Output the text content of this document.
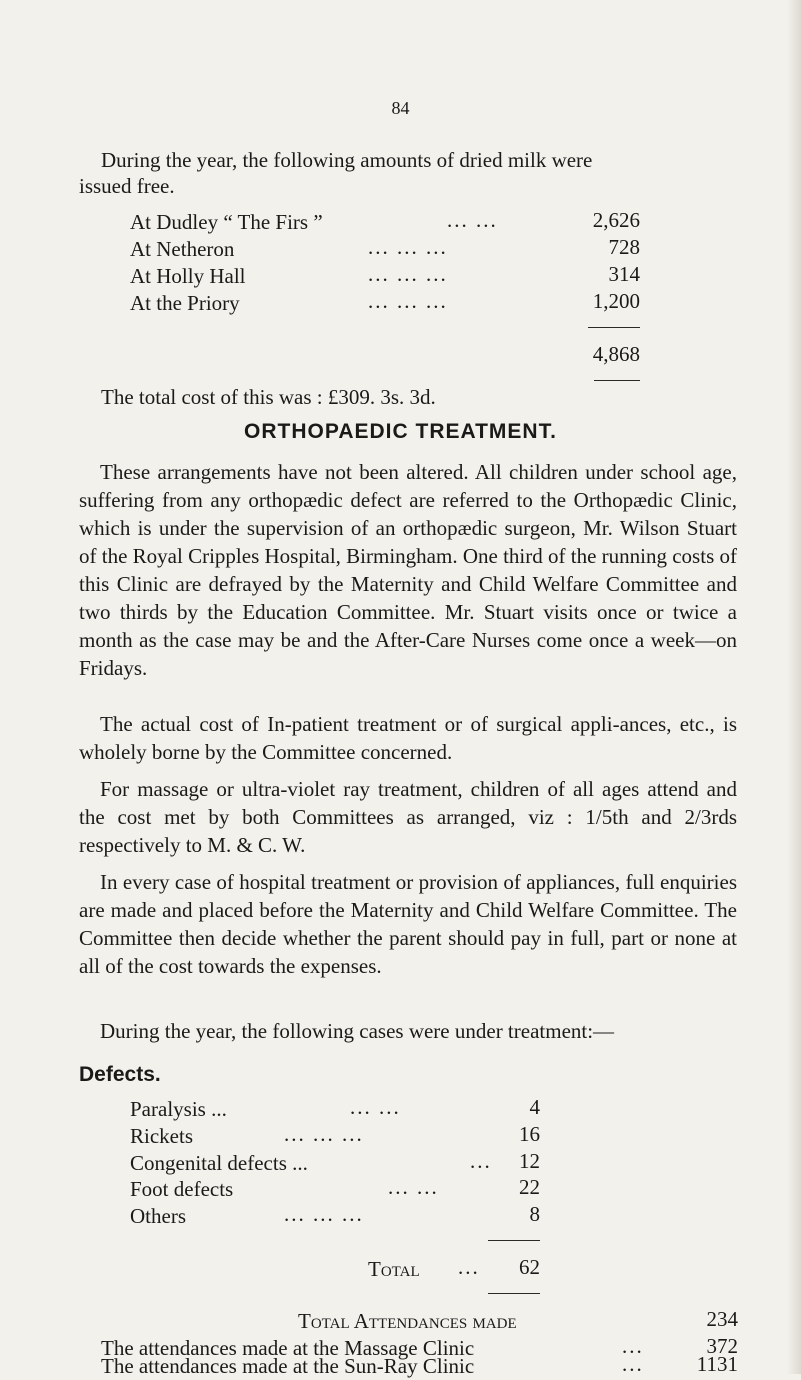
84
During the year, the following amounts of dried milk were
issued free.
At Dudley “ The Firs ”	... ...	2,626
At Netheron	... ... ...	728
At Holly Hall	... ... ...	314
At the Priory	... ... ...	1,200
4,868
The total cost of this was : £309. 3s. 3d.
ORTHOPAEDIC TREATMENT.
These arrangements have not been altered. All children under school age, suffering from any orthopædic defect are referred to the Orthopædic Clinic, which is under the supervision of an orthopædic surgeon, Mr. Wilson Stuart of the Royal Cripples Hospital, Birmingham. One third of the running costs of this Clinic are defrayed by the Maternity and Child Welfare Committee and two thirds by the Education Committee. Mr. Stuart visits once or twice a month as the case may be and the After-Care Nurses come once a week—on Fridays.
The actual cost of In-patient treatment or of surgical appli-ances, etc., is wholely borne by the Committee concerned.
For massage or ultra-violet ray treatment, children of all ages attend and the cost met by both Committees as arranged, viz : 1/5th and 2/3rds respectively to M. & C. W.
In every case of hospital treatment or provision of appliances, full enquiries are made and placed before the Maternity and Child Welfare Committee. The Committee then decide whether the parent should pay in full, part or none at all of the cost towards the expenses.
During the year, the following cases were under treatment:—
Defects.
Paralysis ...	... ...	4
Rickets	... ... ...	16
Congenital defects ...	...	12
Foot defects	... ...	22
Others	... ... ...	8
Total ...	62
Total Attendances made	234
The attendances made at the Massage Clinic	...	372
The attendances made at the Sun-Ray Clinic	...	1131
